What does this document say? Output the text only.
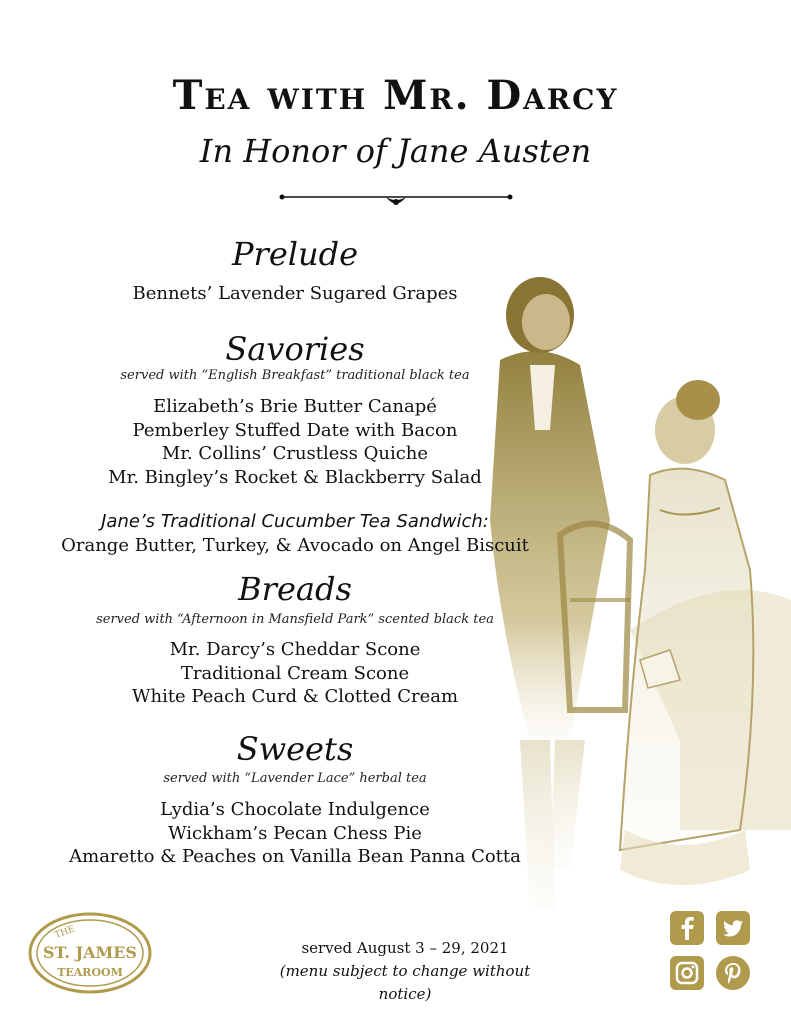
Tea with Mr. Darcy
In Honor of Jane Austen
Prelude
Bennets’ Lavender Sugared Grapes
Savories
served with “English Breakfast” traditional black tea
Elizabeth’s Brie Butter Canapé
Pemberley Stuffed Date with Bacon
Mr. Collins’ Crustless Quiche
Mr. Bingley’s Rocket & Blackberry Salad
Jane’s Traditional Cucumber Tea Sandwich:
Orange Butter, Turkey, & Avocado on Angel Biscuit
Breads
served with “Afternoon in Mansfield Park” scented black tea
Mr. Darcy’s Cheddar Scone
Traditional Cream Scone
White Peach Curd & Clotted Cream
Sweets
served with “Lavender Lace” herbal tea
Lydia’s Chocolate Indulgence
Wickham’s Pecan Chess Pie
Amaretto & Peaches on Vanilla Bean Panna Cotta
THE
ST. JAMES
TEAROOM
served August 3 – 29, 2021
(menu subject to change without notice)
